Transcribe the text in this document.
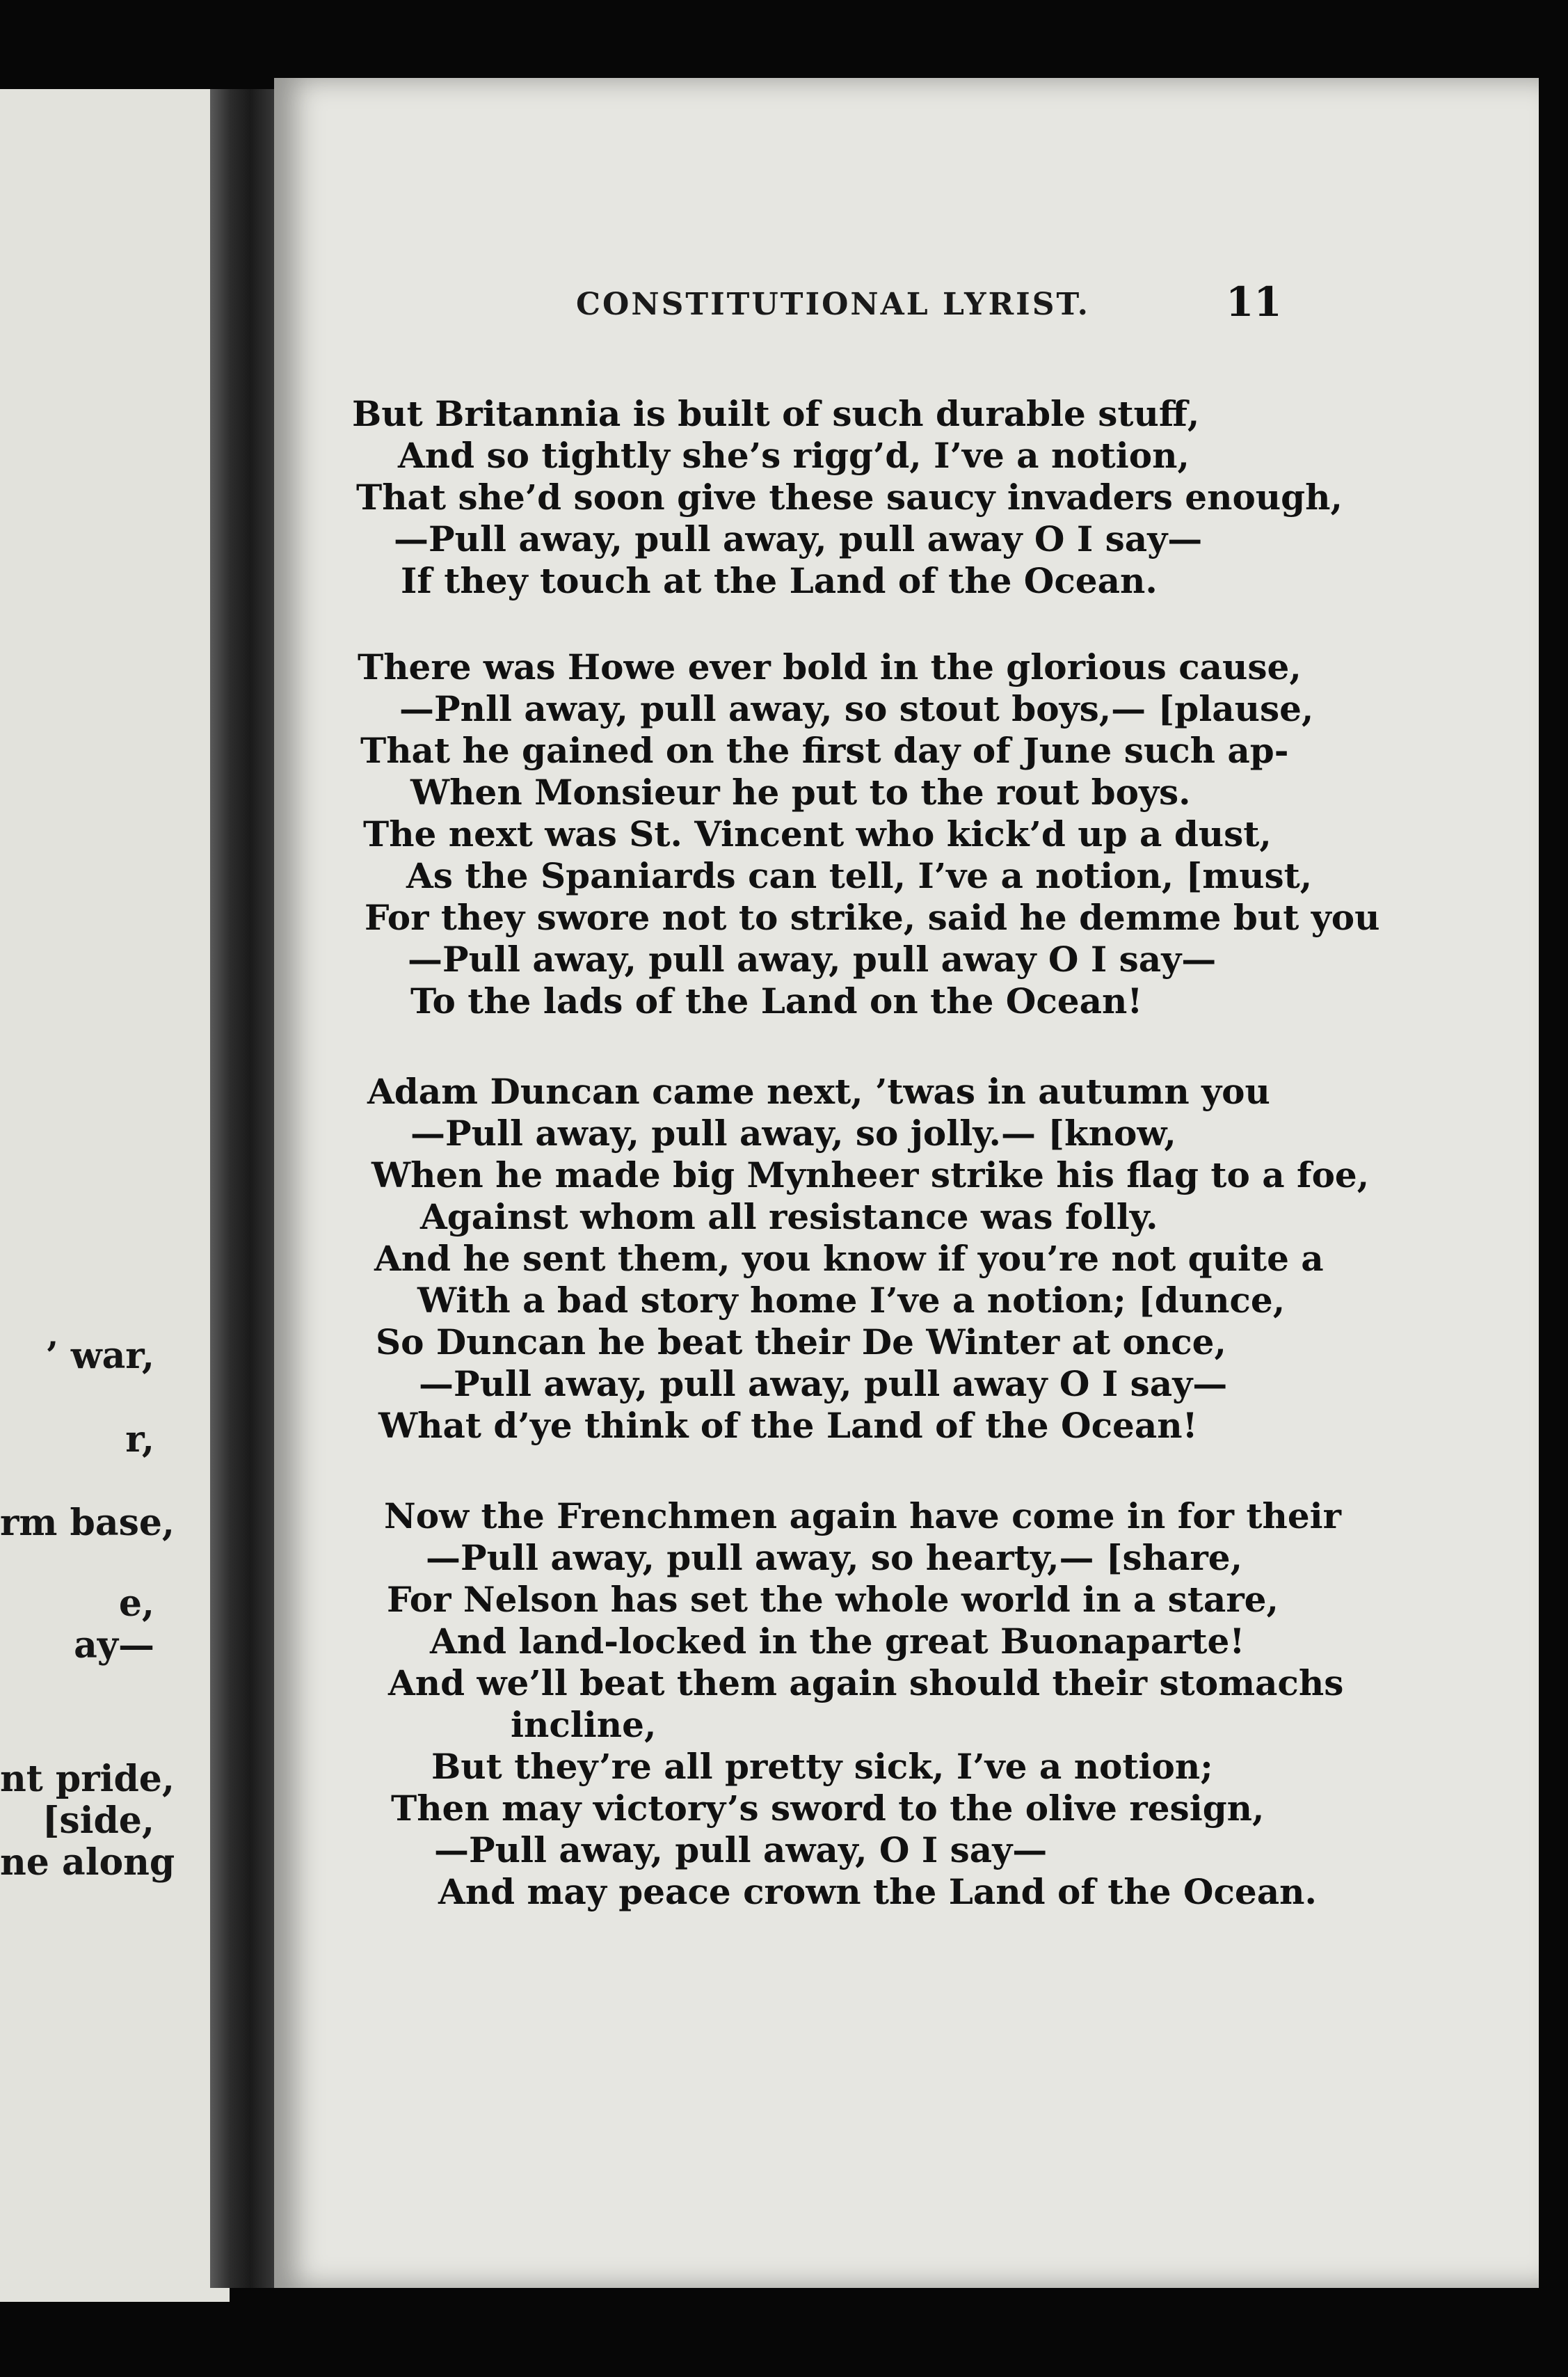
’ war,
r,
rm base,
e,
ay—
nt pride,
[side,
ne along
CONSTITUTIONAL LYRIST.	11
But Britannia is built of such durable stuff,
And so tightly she’s rigg’d, I’ve a notion,
That she’d soon give these saucy invaders enough,
—Pull away, pull away, pull away O I say—
If they touch at the Land of the Ocean.
There was Howe ever bold in the glorious cause,
—Pnll away, pull away, so stout boys,— [plause,
That he gained on the first day of June such ap-
When Monsieur he put to the rout boys.
The next was St. Vincent who kick’d up a dust,
As the Spaniards can tell, I’ve a notion, [must,
For they swore not to strike, said he demme but you
—Pull away, pull away, pull away O I say—
To the lads of the Land on the Ocean!
Adam Duncan came next, ’twas in autumn you
—Pull away, pull away, so jolly.— [know,
When he made big Mynheer strike his flag to a foe,
Against whom all resistance was folly.
And he sent them, you know if you’re not quite a
With a bad story home I’ve a notion; [dunce,
So Duncan he beat their De Winter at once,
—Pull away, pull away, pull away O I say—
What d’ye think of the Land of the Ocean!
Now the Frenchmen again have come in for their
—Pull away, pull away, so hearty,— [share,
For Nelson has set the whole world in a stare,
And land-locked in the great Buonaparte!
And we’ll beat them again should their stomachs
incline,
But they’re all pretty sick, I’ve a notion;
Then may victory’s sword to the olive resign,
—Pull away, pull away, O I say—
And may peace crown the Land of the Ocean.
